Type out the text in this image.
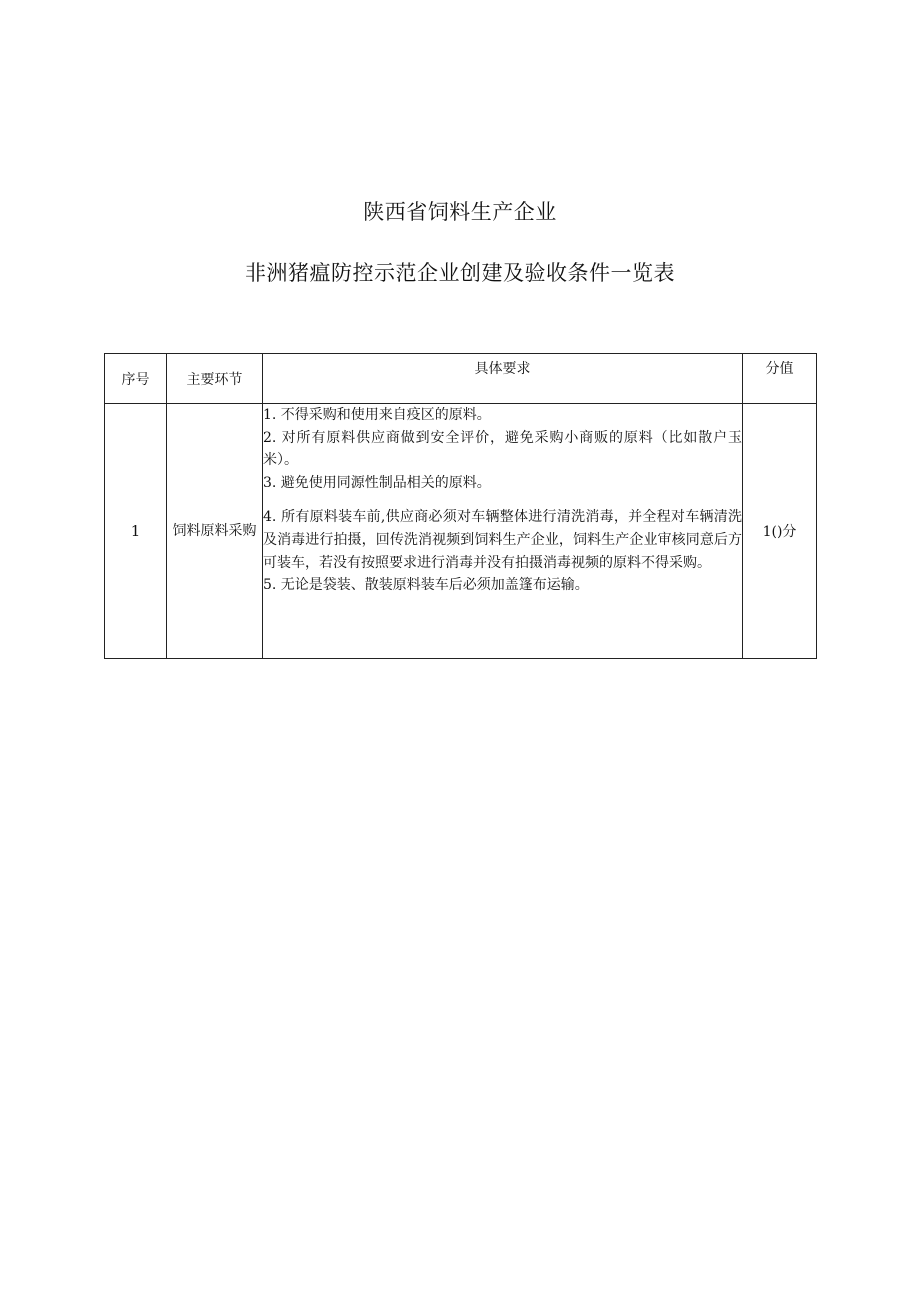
陕西省饲料生产企业
非洲猪瘟防控示范企业创建及验收条件一览表
序号	主要环节	具体要求	分值
1	饲料原料采购	1. 不得采购和使用来自疫区的原料。

2. 对所有原料供应商做到安全评价，避免采购小商贩的原料（比如散户玉米）。

3. 避免使用同源性制品相关的原料。

4. 所有原料装车前,供应商必须对车辆整体进行清洗消毒，并全程对车辆清洗及消毒进行拍摄，回传洗消视频到饲料生产企业，饲料生产企业审核同意后方可装车，若没有按照要求进行消毒并没有拍摄消毒视频的原料不得采购。

5. 无论是袋装、散装原料装车后必须加盖篷布运输。	1()分
